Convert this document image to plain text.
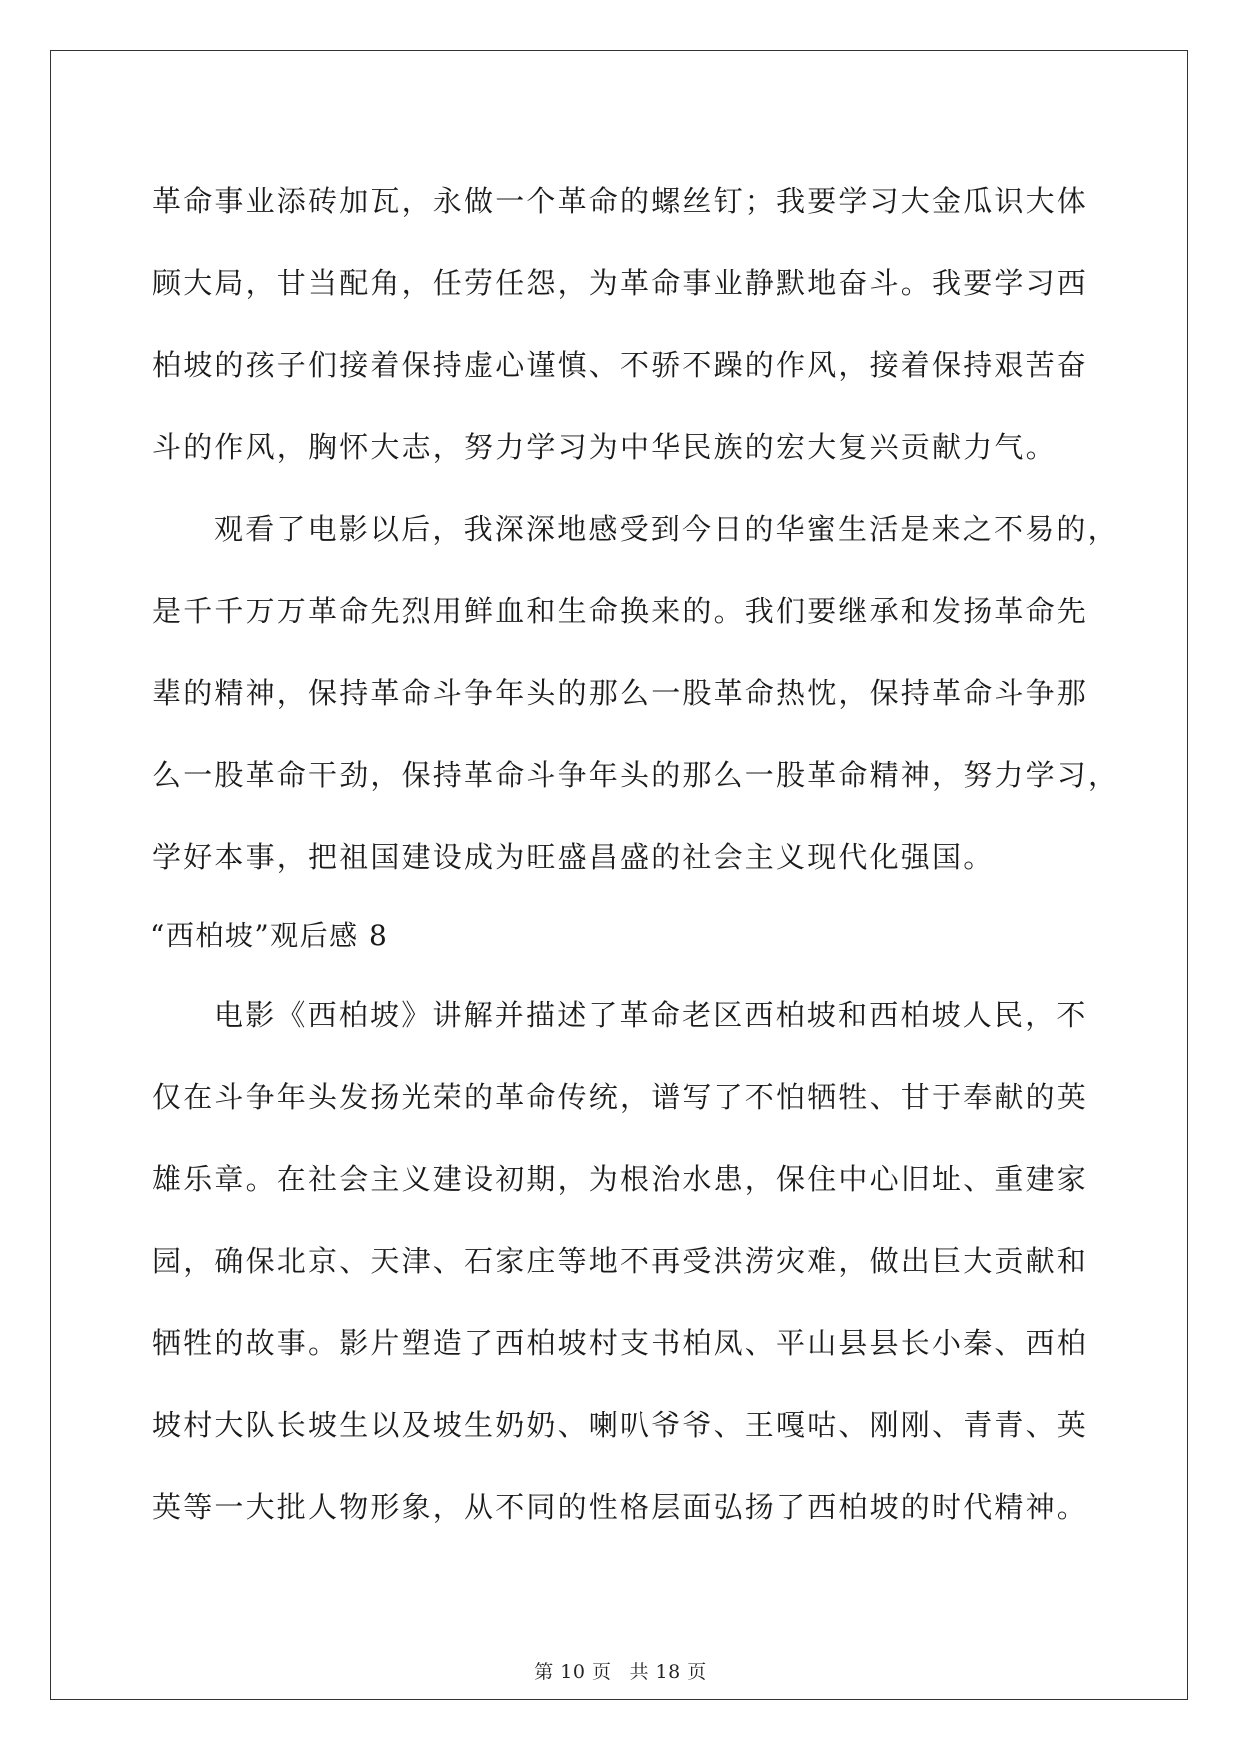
革命事业添砖加瓦，永做一个革命的螺丝钉；我要学习大金瓜识大体
顾大局，甘当配角，任劳任怨，为革命事业静默地奋斗。我要学习西
柏坡的孩子们接着保持虚心谨慎、不骄不躁的作风，接着保持艰苦奋
斗的作风，胸怀大志，努力学习为中华民族的宏大复兴贡献力气。
观看了电影以后，我深深地感受到今日的华蜜生活是来之不易的，
是千千万万革命先烈用鲜血和生命换来的。我们要继承和发扬革命先
辈的精神，保持革命斗争年头的那么一股革命热忱，保持革命斗争那
么一股革命干劲，保持革命斗争年头的那么一股革命精神，努力学习，
学好本事，把祖国建设成为旺盛昌盛的社会主义现代化强国。
“西柏坡”观后感 8
电影《西柏坡》讲解并描述了革命老区西柏坡和西柏坡人民，不
仅在斗争年头发扬光荣的革命传统，谱写了不怕牺牲、甘于奉献的英
雄乐章。在社会主义建设初期，为根治水患，保住中心旧址、重建家
园，确保北京、天津、石家庄等地不再受洪涝灾难，做出巨大贡献和
牺牲的故事。影片塑造了西柏坡村支书柏凤、平山县县长小秦、西柏
坡村大队长坡生以及坡生奶奶、喇叭爷爷、王嘎咕、刚刚、青青、英
英等一大批人物形象，从不同的性格层面弘扬了西柏坡的时代精神。
第 10 页 共 18 页
